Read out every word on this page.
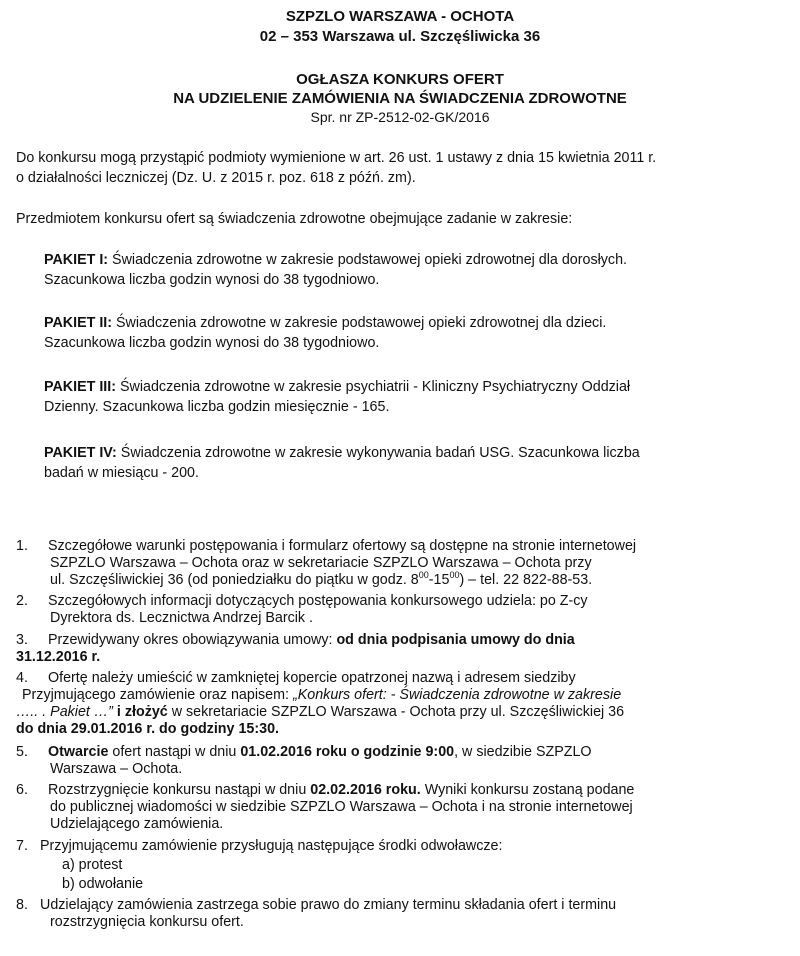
SZPZLO WARSZAWA - OCHOTA
02 – 353 Warszawa ul. Szczęśliwicka 36
OGŁASZA KONKURS OFERT
NA UDZIELENIE ZAMÓWIENIA NA ŚWIADCZENIA ZDROWOTNE
Spr. nr ZP-2512-02-GK/2016
Do konkursu mogą przystąpić podmioty wymienione w art. 26 ust. 1 ustawy z dnia 15 kwietnia 2011 r.
o działalności leczniczej (Dz. U. z 2015 r. poz. 618 z późń. zm).
Przedmiotem konkursu ofert są świadczenia zdrowotne obejmujące zadanie w zakresie:
PAKIET I: Świadczenia zdrowotne w zakresie podstawowej opieki zdrowotnej dla dorosłych.
Szacunkowa liczba godzin wynosi do 38 tygodniowo.
PAKIET II: Świadczenia zdrowotne w zakresie podstawowej opieki zdrowotnej dla dzieci.
Szacunkowa liczba godzin wynosi do 38 tygodniowo.
PAKIET III: Świadczenia zdrowotne w zakresie psychiatrii - Kliniczny Psychiatryczny Oddział
Dzienny. Szacunkowa liczba godzin miesięcznie - 165.
PAKIET IV: Świadczenia zdrowotne w zakresie wykonywania badań USG. Szacunkowa liczba
badań w miesiącu - 200.
1. Szczegółowe warunki postępowania i formularz ofertowy są dostępne na stronie internetowej
SZPZLO Warszawa – Ochota oraz w sekretariacie SZPZLO Warszawa – Ochota przy
ul. Szczęśliwickiej 36 (od poniedziałku do piątku w godz. $8^{00}-15^{00}$) – tel. 22 822-88-53.
2. Szczegółowych informacji dotyczących postępowania konkursowego udziela: po Z-cy
Dyrektora ds. Lecznictwa Andrzej Barcik .
3. Przewidywany okres obowiązywania umowy: od dnia podpisania umowy do dnia
31.12.2016 r.
4. Ofertę należy umieścić w zamkniętej kopercie opatrzonej nazwą i adresem siedziby
Przyjmującego zamówienie oraz napisem: „Konkurs ofert: - Świadczenia zdrowotne w zakresie
….. . Pakiet …” i złożyć w sekretariacie SZPZLO Warszawa - Ochota przy ul. Szczęśliwickiej 36
do dnia 29.01.2016 r. do godziny 15:30.
5. Otwarcie ofert nastąpi w dniu 01.02.2016 roku o godzinie 9:00, w siedzibie SZPZLO
Warszawa – Ochota.
6. Rozstrzygnięcie konkursu nastąpi w dniu 02.02.2016 roku. Wyniki konkursu zostaną podane
do publicznej wiadomości w siedzibie SZPZLO Warszawa – Ochota i na stronie internetowej
Udzielającego zamówienia.
7. Przyjmującemu zamówienie przysługują następujące środki odwoławcze:
a) protest
b) odwołanie
8. Udzielający zamówienia zastrzega sobie prawo do zmiany terminu składania ofert i terminu
rozstrzygnięcia konkursu ofert.
